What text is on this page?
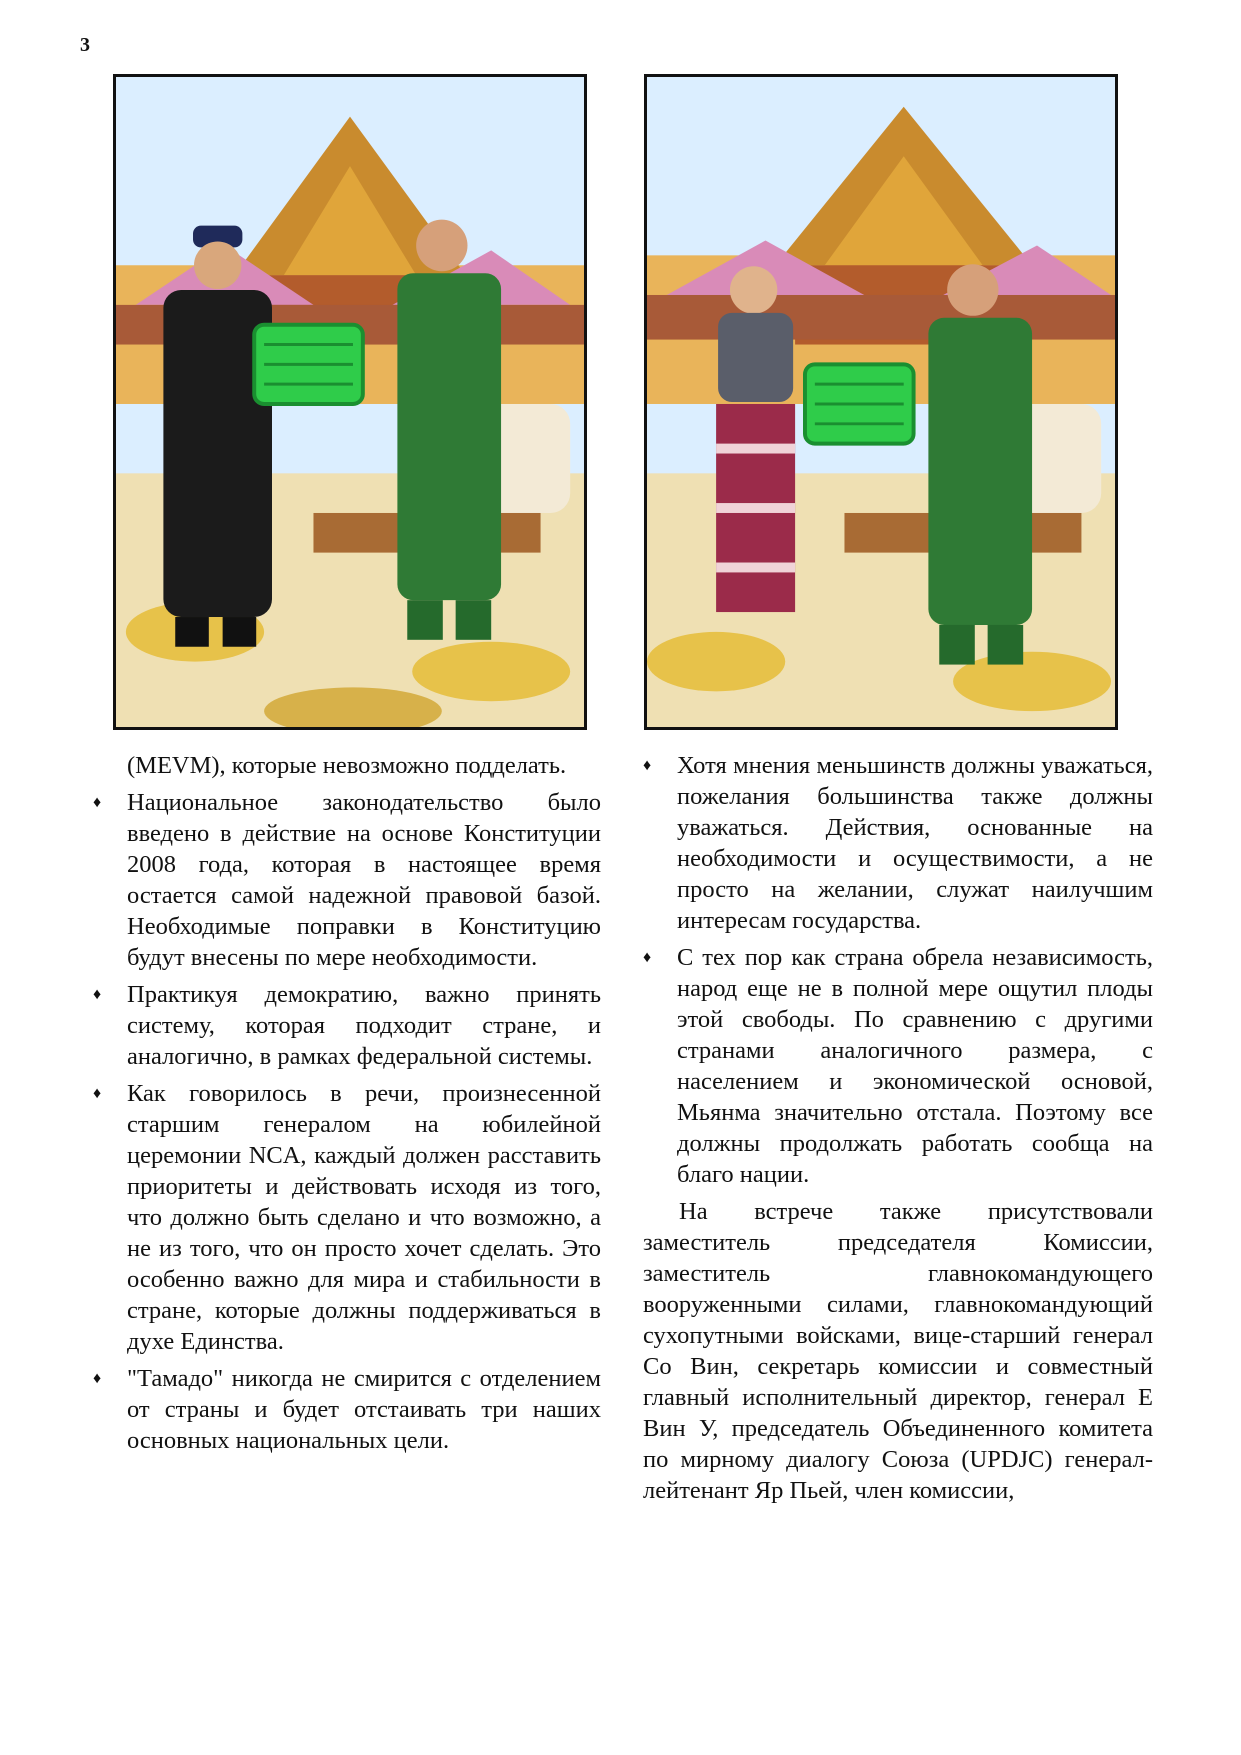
3

(MEVM), которые невозможно подделать.

♦ Национальное законодательство было введено в действие на основе Конституции 2008 года, которая в настоящее время остается самой надежной правовой базой. Необходимые поправки в Конституцию будут внесены по мере необходимости.
♦ Практикуя демократию, важно принять систему, которая подходит стране, и аналогично, в рамках федеральной системы.
♦ Как говорилось в речи, произнесенной старшим генералом на юбилейной церемонии NCA, каждый должен расставить приоритеты и действовать исходя из того, что должно быть сделано и что возможно, а не из того, что он просто хочет сделать. Это особенно важно для мира и стабильности в стране, которые должны поддерживаться в духе Единства.
♦ "Тамадо" никогда не смирится с отделением от страны и будет отстаивать три наших основных национальных цели.
♦ Хотя мнения меньшинств должны уважаться, пожелания большинства также должны уважаться. Действия, основанные на необходимости и осуществимости, а не просто на желании, служат наилучшим интересам государства.
♦ С тех пор как страна обрела независимость, народ еще не в полной мере ощутил плоды этой свободы. По сравнению с другими странами аналогичного размера, с населением и экономической основой, Мьянма значительно отстала. Поэтому все должны продолжать работать сообща на благо нации.

На встрече также присутствовали заместитель председателя Комиссии, заместитель главнокомандующего вооруженными силами, главнокомандующий сухопутными войсками, вице-старший генерал Со Вин, секретарь комиссии и совместный главный исполнительный директор, генерал Е Вин У, председатель Объединенного комитета по мирному диалогу Союза (UPDJC) генерал-лейтенант Яр Пьей, член комиссии,
